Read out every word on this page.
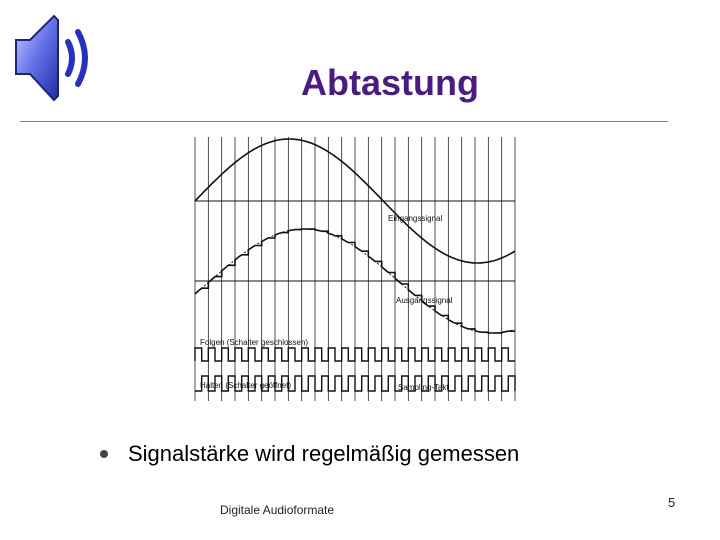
Abtastung
Eingangssignal
Ausgangssignal
Folgen (Schalter geschlossen)
Halten (Schalter geöffnet)	Sampling-Takt
Signalstärke wird regelmäßig gemessen
Digitale Audioformate	5
